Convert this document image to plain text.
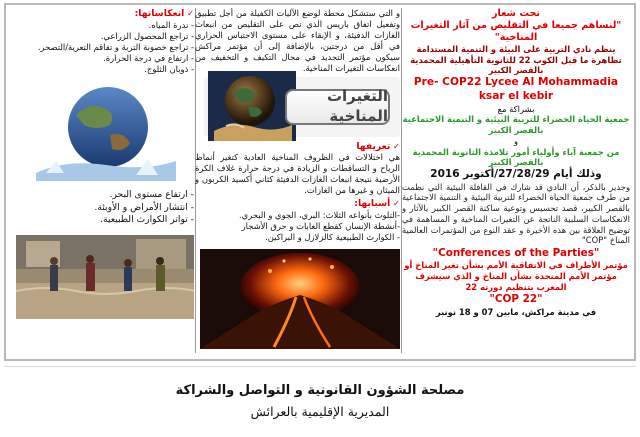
تحت شعار
"لنساهم جميعا في التقليص من آثار التغيرات المناخية"
ينظم نادي التربية على البيئة و التنمية المستدامة تظاهرة ما قبل الكوب 22 للثانوية التأهيلية المحمدية بالقصر الكبير
Pre- COP22 Lycee Al Mohammadia ksar el kebir
بشراكة مع
جمعية الحياة الخضراء للتربية البيئية و التنمية الاجتماعية بالقصر الكبير
و
من جمعية آباء وأولياء أمور تلامذة الثانوية المحمدية بالقصر الكبير
وذلك أيام 27/28/29/أكتوبر 2016
وجدير بالذكر، أن النادي قد شارك في القافلة البيئية التي نظمت من طرف جمعية الحياة الخضراء للتربية البيئية و التنمية الاجتماعية بالقصر الكبير، قصد تحسيس وتوعية ساكنة القصر الكبير بالآثار و الانعكاسات السلبية الناتجة عن التغيرات المناخية و المساهمة في توضيح العلاقة بين هذه الأخيرة و عقد النوع من المؤتمرات العالمية المناخ "COP"
"Conferences of the Parties"
مؤتمر الأطراف في الاتفاقية الأمم بشأن تغير المناخ أو مؤتمر الأمم المتحدة بشأن المناخ و الذي سيشرف المغرب بتنظيم دورته 22
"COP 22"
في مدينة مراكش، مابين 07 و 18 نونبر
و التي ستشكل محطة لوضع الآليات الكفيلة من أجل تطبيق وتفعيل اتفاق باريس الذي نص على التقليص من انبعاث الغازات الدفيئة، و الإبقاء على مستوى الاحتباس الحراري في أقل من درجتين، بالإضافة إلى أن مؤتمر مراكش سيكون مؤتمر التجديد في مجال التكيف و التخفيف من انعكاسات التغيرات المناخية.
التغيرات المناخية
✓ تعريفها
هي اختلالات في الظروف المناخية العادية كتغير أنماط الرياح و التساقطات و الزيادة في درجة حرارة غلاف الكرة الأرضية نتيجة انبعاث الغازات الدفيئة كثاني أكسيد الكربون و الميثان و غيرها من الغازات.
✓ أسبابها:
-التلوث بأنواعه الثلاث: البري، الجوي و البحري.
-أنشطة الإنسان كقطع الغابات و حرق الأشجار
- الكوارث الطبيعية كالزلازل و البراكين.
✓ انعكاساتها:
- ندرة المياه.
- تراجع المحصول الزراعي.
- تراجع خصوبة التربة و تفاقم التعرية/التصحر.
- ارتفاع في درجة الحرارة.
- ذوبان الثلوج.
- ارتفاع مستوى البحر.
- انتشار الأمراض و الأوبئة.
- تواتر الكوارث الطبيعية.
مصلحة الشؤون القانونية و التواصل والشراكة
المديرية الإقليمية بالعرائش
